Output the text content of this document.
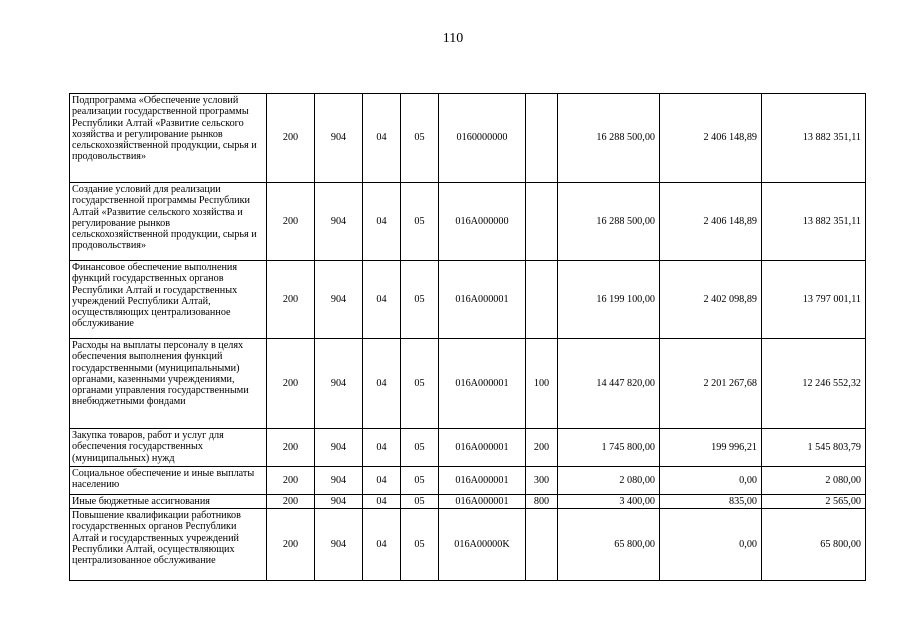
110
Подпрограмма «Обеспечение условий реализации государственной программы Республики Алтай «Развитие сельского хозяйства и регулирование рынков сельскохозяйственной продукции, сырья и продовольствия»	200	904	04	05	0160000000		16 288 500,00	2 406 148,89	13 882 351,11
Создание условий для реализации государственной программы Республики Алтай «Развитие сельского хозяйства и регулирование рынков сельскохозяйственной продукции, сырья и продовольствия»	200	904	04	05	016A000000		16 288 500,00	2 406 148,89	13 882 351,11
Финансовое обеспечение выполнения функций государственных органов Республики Алтай и государственных учреждений Республики Алтай, осуществляющих централизованное обслуживание	200	904	04	05	016A000001		16 199 100,00	2 402 098,89	13 797 001,11
Расходы на выплаты персоналу в целях обеспечения выполнения функций государственными (муниципальными) органами, казенными учреждениями, органами управления государственными внебюджетными фондами	200	904	04	05	016A000001	100	14 447 820,00	2 201 267,68	12 246 552,32
Закупка товаров, работ и услуг для обеспечения государственных (муниципальных) нужд	200	904	04	05	016A000001	200	1 745 800,00	199 996,21	1 545 803,79
Социальное обеспечение и иные выплаты населению	200	904	04	05	016A000001	300	2 080,00	0,00	2 080,00
Иные бюджетные ассигнования	200	904	04	05	016A000001	800	3 400,00	835,00	2 565,00
Повышение квалификации работников государственных органов Республики Алтай и государственных учреждений Республики Алтай, осуществляющих централизованное обслуживание	200	904	04	05	016A00000K		65 800,00	0,00	65 800,00
